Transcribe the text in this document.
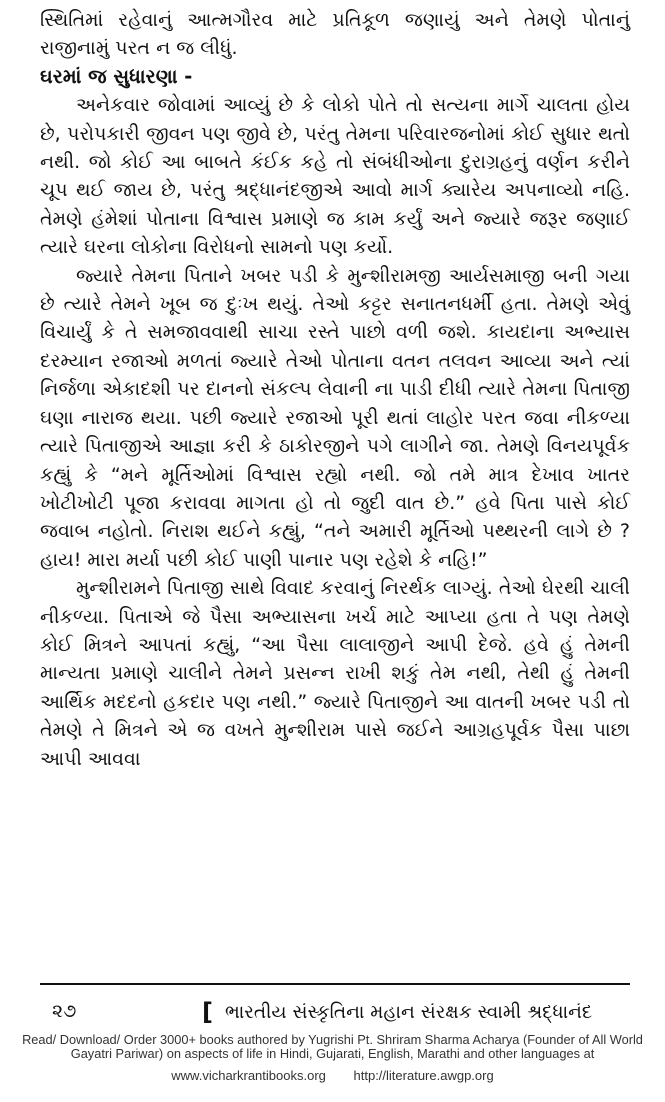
સ્થિતિમાં રહેવાનું આત્મગૌરવ માટે પ્રતિકૂળ જણાયું અને તેમણે પોતાનું રાજીનામું પરત ન જ લીધું.

ઘરમાં જ સુધારણા -

અનેકવાર જોવામાં આવ્યું છે કે લોકો પોતે તો સત્યના માર્ગે ચાલતા હોય છે, પરોપકારી જીવન પણ જીવે છે, પરંતુ તેમના પરિવારજનોમાં કોઈ સુધાર થતો નથી. જો કોઈ આ બાબતે કંઈક કહે તો સંબંધીઓના દુરાગ્રહનું વર્ણન કરીને ચૂપ થઈ જાય છે, પરંતુ શ્રદ્ધાનંદજીએ આવો માર્ગ ક્યારેય અપનાવ્યો નહિ. તેમણે હંમેશાં પોતાના વિશ્વાસ પ્રમાણે જ કામ કર્યું અને જ્યારે જરૂર જણાઈ ત્યારે ઘરના લોકોના વિરોધનો સામનો પણ કર્યો.

જ્યારે તેમના પિતાને ખબર પડી કે મુન્શીરામજી આર્યસમાજી બની ગયા છે ત્યારે તેમને ખૂબ જ દુઃખ થયું. તેઓ કટ્ટર સનાતનધર્મી હતા. તેમણે એવું વિચાર્યું કે તે સમજાવવાથી સાચા રસ્તે પાછો વળી જશે. કાયદાના અભ્યાસ દરમ્યાન રજાઓ મળતાં જ્યારે તેઓ પોતાના વતન તલવન આવ્યા અને ત્યાં નિર્જળા એકાદશી પર દાનનો સંકલ્પ લેવાની ના પાડી દીધી ત્યારે તેમના પિતાજી ઘણા નારાજ થયા. પછી જ્યારે રજાઓ પૂરી થતાં લાહોર પરત જવા નીકળ્યા ત્યારે પિતાજીએ આજ્ઞા કરી કે ઠાકોરજીને પગે લાગીને જા. તેમણે વિનયપૂર્વક કહ્યું કે “મને મૂર્તિઓમાં વિશ્વાસ રહ્યો નથી. જો તમે માત્ર દેખાવ ખાતર ખોટીખોટી પૂજા કરાવવા માગતા હો તો જુદી વાત છે.” હવે પિતા પાસે કોઈ જવાબ નહોતો. નિરાશ થઈને કહ્યું, “તને અમારી મૂર્તિઓ પથ્થરની લાગે છે ? હાય! મારા મર્યા પછી કોઈ પાણી પાનાર પણ રહેશે કે નહિ!”

મુન્શીરામને પિતાજી સાથે વિવાદ કરવાનું નિરર્થક લાગ્યું. તેઓ ઘેરથી ચાલી નીકળ્યા. પિતાએ જે પૈસા અભ્યાસના ખર્ચ માટે આપ્યા હતા તે પણ તેમણે કોઈ મિત્રને આપતાં કહ્યું, “આ પૈસા લાલાજીને આપી દેજે. હવે હું તેમની માન્યતા પ્રમાણે ચાલીને તેમને પ્રસન્ન રાખી શકું તેમ નથી, તેથી હું તેમની આર્થિક મદદનો હકદાર પણ નથી.” જ્યારે પિતાજીને આ વાતની ખબર પડી તો તેમણે તે મિત્રને એ જ વખતે મુન્શીરામ પાસે જઈને આગ્રહપૂર્વક પૈસા પાછા આપી આવવા

૨૭	[ ભારતીય સંસ્કૃતિના મહાન સંરક્ષક સ્વામી શ્રદ્ધાનંદ
Read/ Download/ Order 3000+ books authored by Yugrishi Pt. Shriram Sharma Acharya (Founder of All World Gayatri Pariwar) on aspects of life in Hindi, Gujarati, English, Marathi and other languages at
www.vicharkrantibooks.org http://literature.awgp.org
